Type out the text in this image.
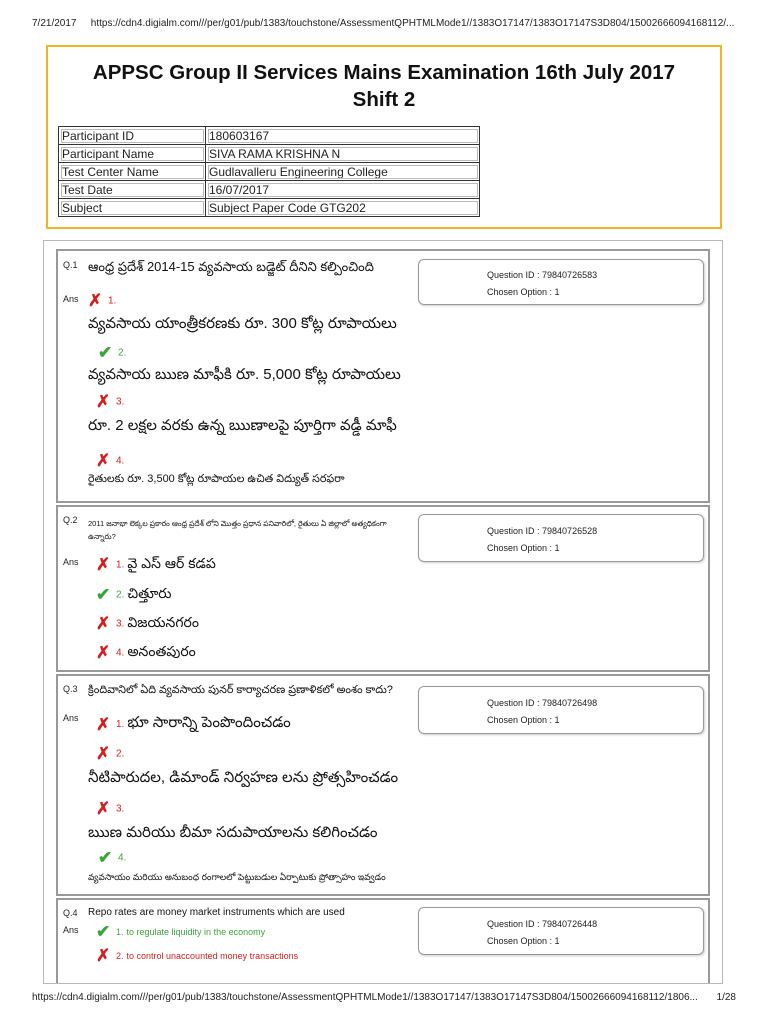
7/21/2017 https://cdn4.digialm.com///per/g01/pub/1383/touchstone/AssessmentQPHTMLMode1//1383O17147/1383O17147S3D804/15002666094168112/...
APPSC Group II Services Mains Examination 16th July 2017
Shift 2
Participant ID	180603167
Participant Name	SIVA RAMA KRISHNA N
Test Center Name	Gudlavalleru Engineering College
Test Date	16/07/2017
Subject	Subject Paper Code GTG202
Q.1 ఆంధ్ర ప్రదేశ్ 2014-15 వ్యవసాయ బడ్జెట్ దీనిని కల్పించింది
Ans
Question ID : 79840726583
Chosen Option : 1
✗ 1.
వ్యవసాయ యాంత్రీకరణకు రూ. 300 కోట్ల రూపాయలు
✔ 2.
వ్యవసాయ ఋణ మాఫీకి రూ. 5,000 కోట్ల రూపాయలు
✗ 3.
రూ. 2 లక్షల వరకు ఉన్న ఋణాలపై పూర్తిగా వడ్డీ మాఫీ
✗ 4.
రైతులకు రూ. 3,500 కోట్ల రూపాయల ఉచిత విద్యుత్ సరఫరా
Q.2 2011 జనాభా లెక్కల ప్రకారం ఆంధ్ర ప్రదేశ్ లోని మొత్తం ప్రధాన పనివారిలో, రైతులు ఏ జిల్లాలో అత్యధికంగా ఉన్నారు?
Ans
Question ID : 79840726528
Chosen Option : 1
✗ 1. వై ఎస్ ఆర్ కడప
✔ 2. చిత్తూరు
✗ 3. విజయనగరం
✗ 4. అనంతపురం
Q.3 క్రిందివానిలో ఏది వ్యవసాయ పునర్ కార్యాచరణ ప్రణాళికలో అంశం కాదు?
Ans
Question ID : 79840726498
Chosen Option : 1
✗ 1. భూ సారాన్ని పెంపొందించడం
✗ 2.
నీటిపారుదల, డిమాండ్ నిర్వహణ లను ప్రోత్సహించడం
✗ 3.
ఋణ మరియు బీమా సదుపాయాలను కలిగించడం
✔ 4.
వ్యవసాయం మరియు అనుబంధ రంగాలలో పెట్టుబడుల ఏర్పాటుకు ప్రోత్సాహం ఇవ్వడం
Q.4 Repo rates are money market instruments which are used
Ans
Question ID : 79840726448
Chosen Option : 1
✔ 1. to regulate liquidity in the economy
✗ 2. to control unaccounted money transactions
https://cdn4.digialm.com///per/g01/pub/1383/touchstone/AssessmentQPHTMLMode1//1383O17147/1383O17147S3D804/15002666094168112/1806... 1/28
